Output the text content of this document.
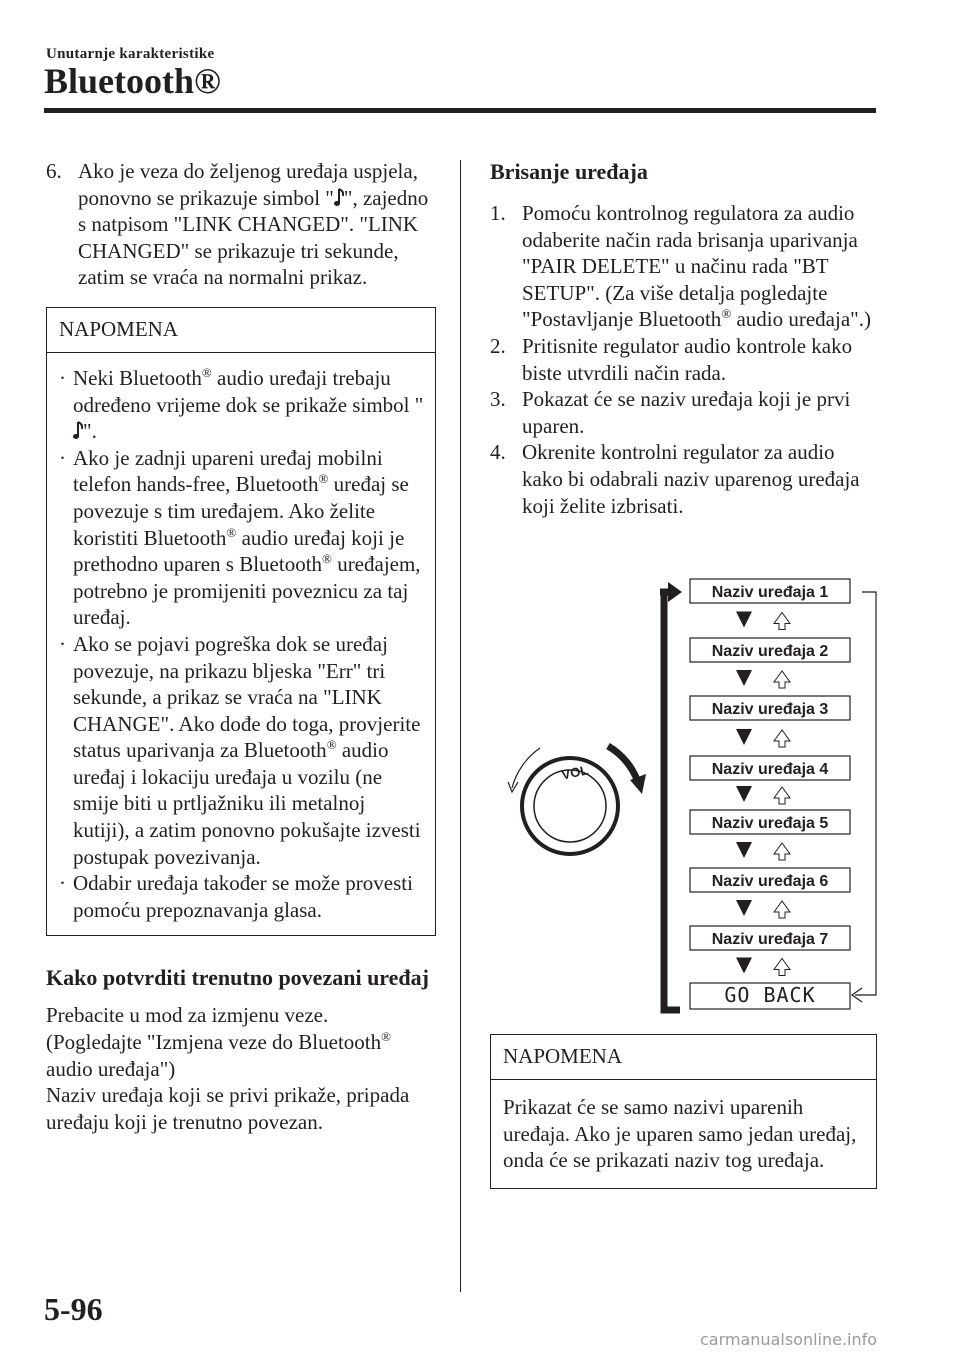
Unutarnje karakteristike
Bluetooth®
6. Ako je veza do željenog uređaja uspjela, ponovno se prikazuje simbol " ", zajedno s natpisom "LINK CHANGED". "LINK CHANGED" se prikazuje tri sekunde, zatim se vraća na normalni prikaz.
NAPOMENA
· Neki Bluetooth® audio uređaji trebaju određeno vrijeme dok se prikaže simbol "".
· Ako je zadnji upareni uređaj mobilni telefon hands-free, Bluetooth® uređaj se povezuje s tim uređajem. Ako želite koristiti Bluetooth® audio uređaj koji je prethodno uparen s Bluetooth® uređajem, potrebno je promijeniti poveznicu za taj uređaj.
· Ako se pojavi pogreška dok se uređaj povezuje, na prikazu bljeska "Err" tri sekunde, a prikaz se vraća na "LINK CHANGE". Ako dođe do toga, provjerite status uparivanja za Bluetooth® audio uređaj i lokaciju uređaja u vozilu (ne smije biti u prtljažniku ili metalnoj kutiji), a zatim ponovno pokušajte izvesti postupak povezivanja.
· Odabir uređaja također se može provesti pomoću prepoznavanja glasa.
Kako potvrditi trenutno povezani uređaj

Prebacite u mod za izmjenu veze.

(Pogledajte "Izmjena veze do Bluetooth® audio uređaja")

Naziv uređaja koji se privi prikaže, pripada uređaju koji je trenutno povezan.

Brisanje uređaja
1. Pomoću kontrolnog regulatora za audio odaberite način rada brisanja uparivanja "PAIR DELETE" u načinu rada "BT SETUP". (Za više detalja pogledajte "Postavljanje Bluetooth® audio uređaja".)
2. Pritisnite regulator audio kontrole kako biste utvrdili način rada.
3. Pokazat će se naziv uređaja koji je prvi uparen.
4. Okrenite kontrolni regulator za audio kako bi odabrali naziv uparenog uređaja koji želite izbrisati.
VOL
Naziv uređaja 1
Naziv uređaja 2
Naziv uređaja 3
Naziv uređaja 4
Naziv uređaja 5
Naziv uređaja 6
Naziv uređaja 7
GO BACK
NAPOMENA
Prikazat će se samo nazivi uparenih uređaja. Ako je uparen samo jedan uređaj, onda će se prikazati naziv tog uređaja.
5-96
carmanualsonline.info
